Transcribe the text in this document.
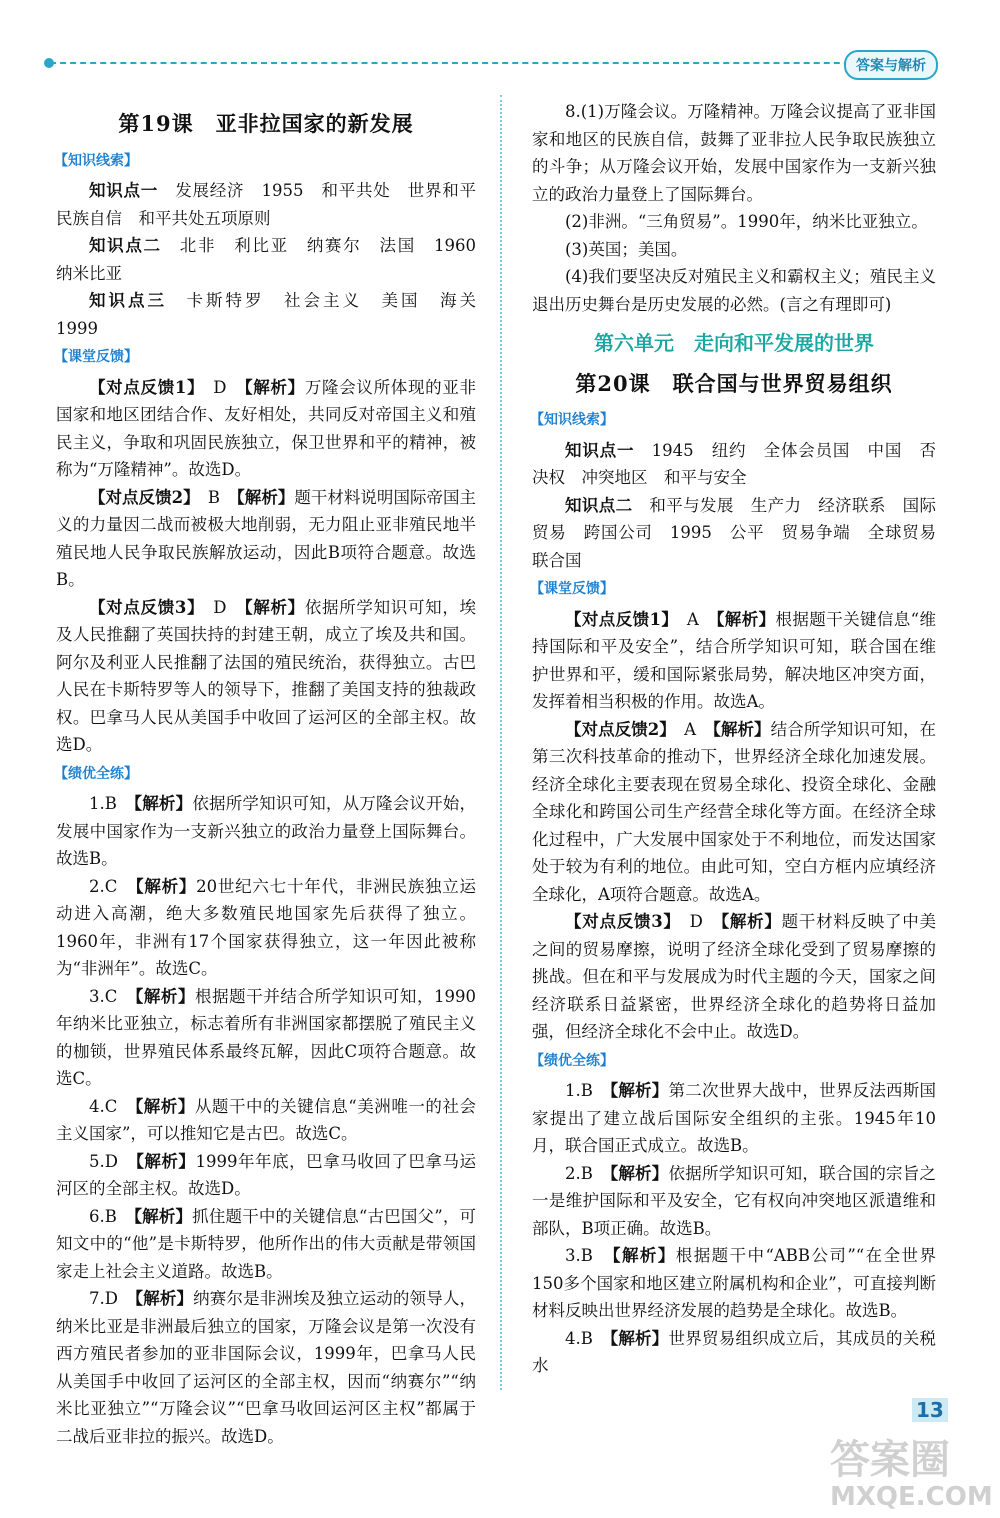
答案与解析
第19课　亚非拉国家的新发展
【知识线索】

知识点一　发展经济　1955　和平共处　世界和平　民族自信　和平共处五项原则

知识点二　北非　利比亚　纳赛尔　法国　1960　纳米比亚

知识点三　卡斯特罗　社会主义　美国　海关　1999

【课堂反馈】

【对点反馈1】　D　【解析】万隆会议所体现的亚非国家和地区团结合作、友好相处，共同反对帝国主义和殖民主义，争取和巩固民族独立，保卫世界和平的精神，被称为“万隆精神”。故选D。

【对点反馈2】　B　【解析】题干材料说明国际帝国主义的力量因二战而被极大地削弱，无力阻止亚非殖民地半殖民地人民争取民族解放运动，因此B项符合题意。故选B。

【对点反馈3】　D　【解析】依据所学知识可知，埃及人民推翻了英国扶持的封建王朝，成立了埃及共和国。阿尔及利亚人民推翻了法国的殖民统治，获得独立。古巴人民在卡斯特罗等人的领导下，推翻了美国支持的独裁政权。巴拿马人民从美国手中收回了运河区的全部主权。故选D。

【绩优全练】

1.B　【解析】依据所学知识可知，从万隆会议开始，发展中国家作为一支新兴独立的政治力量登上国际舞台。故选B。

2.C　【解析】20世纪六七十年代，非洲民族独立运动进入高潮，绝大多数殖民地国家先后获得了独立。1960年，非洲有17个国家获得独立，这一年因此被称为“非洲年”。故选C。

3.C　【解析】根据题干并结合所学知识可知，1990年纳米比亚独立，标志着所有非洲国家都摆脱了殖民主义的枷锁，世界殖民体系最终瓦解，因此C项符合题意。故选C。

4.C　【解析】从题干中的关键信息“美洲唯一的社会主义国家”，可以推知它是古巴。故选C。

5.D　【解析】1999年年底，巴拿马收回了巴拿马运河区的全部主权。故选D。

6.B　【解析】抓住题干中的关键信息“古巴国父”，可知文中的“他”是卡斯特罗，他所作出的伟大贡献是带领国家走上社会主义道路。故选B。

7.D　【解析】纳赛尔是非洲埃及独立运动的领导人，纳米比亚是非洲最后独立的国家，万隆会议是第一次没有西方殖民者参加的亚非国际会议，1999年，巴拿马人民从美国手中收回了运河区的全部主权，因而“纳赛尔”“纳米比亚独立”“万隆会议”“巴拿马收回运河区主权”都属于二战后亚非拉的振兴。故选D。

8.(1)万隆会议。万隆精神。万隆会议提高了亚非国家和地区的民族自信，鼓舞了亚非拉人民争取民族独立的斗争；从万隆会议开始，发展中国家作为一支新兴独立的政治力量登上了国际舞台。

(2)非洲。“三角贸易”。1990年，纳米比亚独立。

(3)英国；美国。

(4)我们要坚决反对殖民主义和霸权主义；殖民主义退出历史舞台是历史发展的必然。(言之有理即可)

第六单元　走向和平发展的世界
第20课　联合国与世界贸易组织
【知识线索】

知识点一　1945　纽约　全体会员国　中国　否决权　冲突地区　和平与安全

知识点二　和平与发展　生产力　经济联系　国际贸易　跨国公司　1995　公平　贸易争端　全球贸易　联合国

【课堂反馈】

【对点反馈1】　A　【解析】根据题干关键信息“维持国际和平及安全”，结合所学知识可知，联合国在维护世界和平，缓和国际紧张局势，解决地区冲突方面，发挥着相当积极的作用。故选A。

【对点反馈2】　A　【解析】结合所学知识可知，在第三次科技革命的推动下，世界经济全球化加速发展。经济全球化主要表现在贸易全球化、投资全球化、金融全球化和跨国公司生产经营全球化等方面。在经济全球化过程中，广大发展中国家处于不利地位，而发达国家处于较为有利的地位。由此可知，空白方框内应填经济全球化，A项符合题意。故选A。

【对点反馈3】　D　【解析】题干材料反映了中美之间的贸易摩擦，说明了经济全球化受到了贸易摩擦的挑战。但在和平与发展成为时代主题的今天，国家之间经济联系日益紧密，世界经济全球化的趋势将日益加强，但经济全球化不会中止。故选D。

【绩优全练】

1.B　【解析】第二次世界大战中，世界反法西斯国家提出了建立战后国际安全组织的主张。1945年10月，联合国正式成立。故选B。

2.B　【解析】依据所学知识可知，联合国的宗旨之一是维护国际和平及安全，它有权向冲突地区派遣维和部队，B项正确。故选B。

3.B　【解析】根据题干中“ABB公司”“在全世界150多个国家和地区建立附属机构和企业”，可直接判断材料反映出世界经济发展的趋势是全球化。故选B。

4.B　【解析】世界贸易组织成立后，其成员的关税水

13
答案圈
MXQE.COM
